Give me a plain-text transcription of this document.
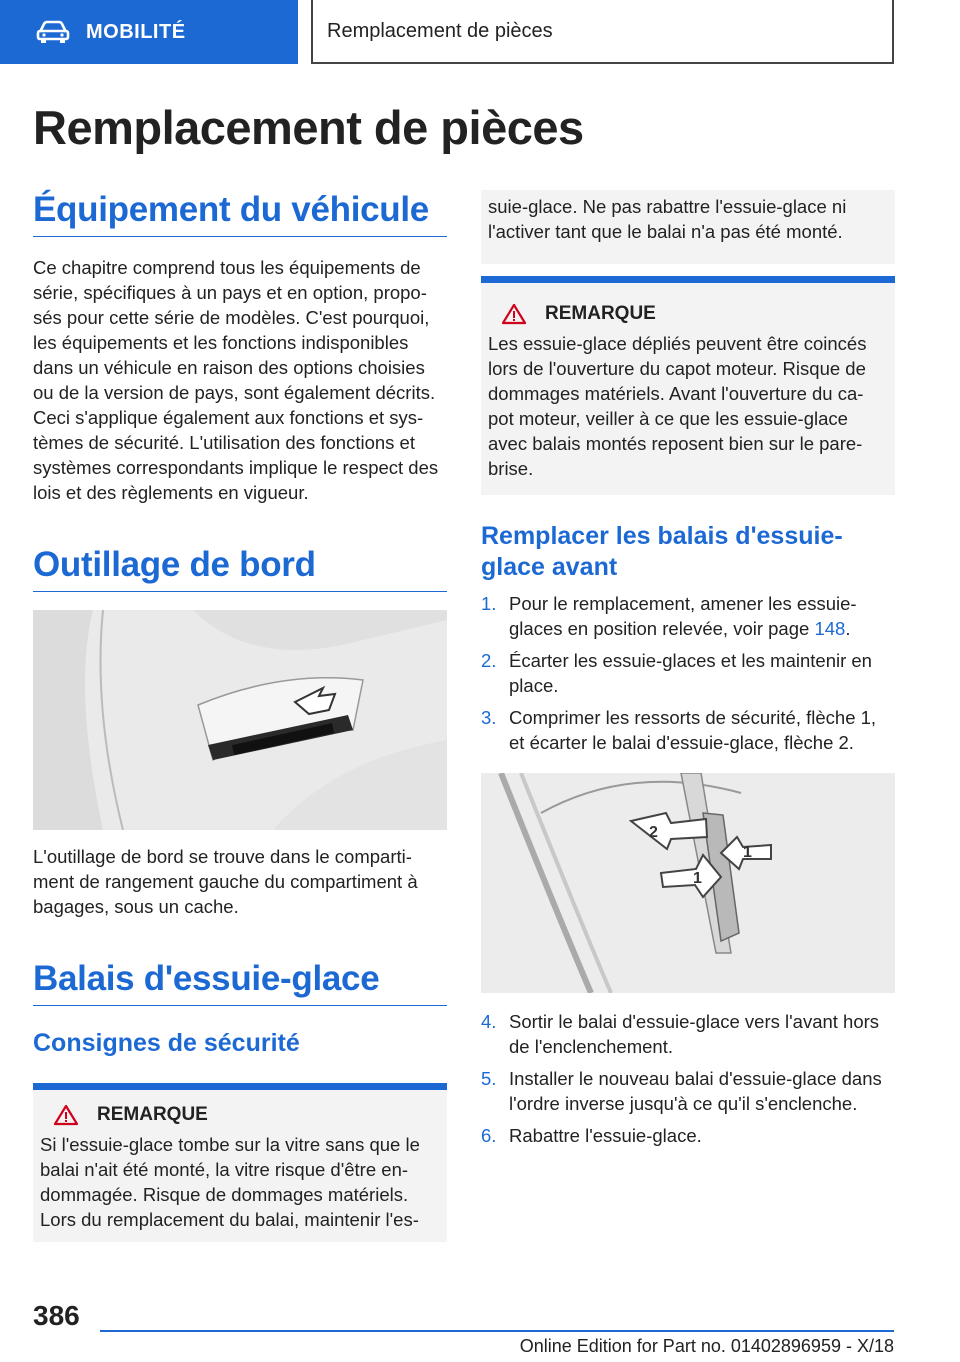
MOBILITÉ	Remplacement de pièces
Remplacement de pièces
Équipement du véhicule

Ce chapitre comprend tous les équipements de série, spécifiques à un pays et en option, propo-sés pour cette série de modèles. C'est pourquoi, les équipements et les fonctions indisponibles dans un véhicule en raison des options choisies ou de la version de pays, sont également décrits. Ceci s'applique également aux fonctions et sys-tèmes de sécurité. L'utilisation des fonctions et systèmes correspondants implique le respect des lois et des règlements en vigueur.

Outillage de bord

L'outillage de bord se trouve dans le comparti-ment de rangement gauche du compartiment à bagages, sous un cache.

Balais d'essuie-glace
Consignes de sécurité
REMARQUE
Si l'essuie-glace tombe sur la vitre sans que le balai n'ait été monté, la vitre risque d'être en-dommagée. Risque de dommages matériels. Lors du remplacement du balai, maintenir l'es-
suie-glace. Ne pas rabattre l'essuie-glace ni l'activer tant que le balai n'a pas été monté.
REMARQUE
Les essuie-glace dépliés peuvent être coincés lors de l'ouverture du capot moteur. Risque de dommages matériels. Avant l'ouverture du ca-pot moteur, veiller à ce que les essuie-glace avec balais montés reposent bien sur le pare-brise.
Remplacer les balais d'essuie-glace avant
1. Pour le remplacement, amener les essuie-glaces en position relevée, voir page 148.
2. Écarter les essuie-glaces et les maintenir en place.
3. Comprimer les ressorts de sécurité, flèche 1, et écarter le balai d'essuie-glace, flèche 2.
2
1
1
4. Sortir le balai d'essuie-glace vers l'avant hors de l'enclenchement.
5. Installer le nouveau balai d'essuie-glace dans l'ordre inverse jusqu'à ce qu'il s'enclenche.
6. Rabattre l'essuie-glace.
386
Online Edition for Part no. 01402896959 - X/18
